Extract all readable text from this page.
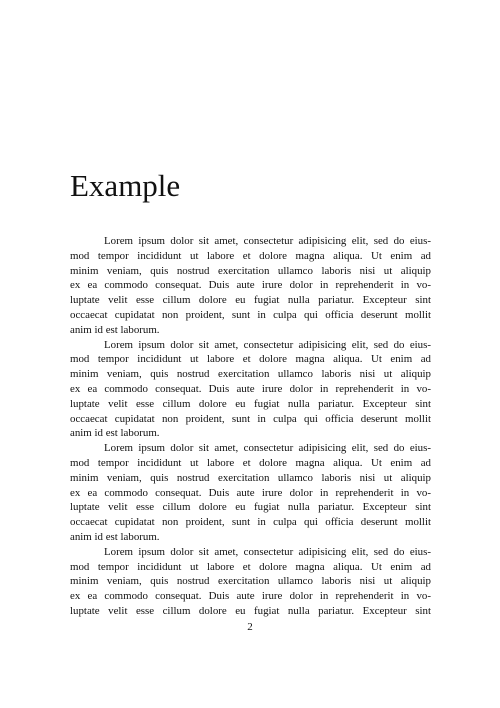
Example
Lorem ipsum dolor sit amet, consectetur adipisicing elit, sed do eius-
mod tempor incididunt ut labore et dolore magna aliqua. Ut enim ad
minim veniam, quis nostrud exercitation ullamco laboris nisi ut aliquip
ex ea commodo consequat. Duis aute irure dolor in reprehenderit in vo-
luptate velit esse cillum dolore eu fugiat nulla pariatur. Excepteur sint
occaecat cupidatat non proident, sunt in culpa qui officia deserunt mollit
anim id est laborum.
Lorem ipsum dolor sit amet, consectetur adipisicing elit, sed do eius-
mod tempor incididunt ut labore et dolore magna aliqua. Ut enim ad
minim veniam, quis nostrud exercitation ullamco laboris nisi ut aliquip
ex ea commodo consequat. Duis aute irure dolor in reprehenderit in vo-
luptate velit esse cillum dolore eu fugiat nulla pariatur. Excepteur sint
occaecat cupidatat non proident, sunt in culpa qui officia deserunt mollit
anim id est laborum.
Lorem ipsum dolor sit amet, consectetur adipisicing elit, sed do eius-
mod tempor incididunt ut labore et dolore magna aliqua. Ut enim ad
minim veniam, quis nostrud exercitation ullamco laboris nisi ut aliquip
ex ea commodo consequat. Duis aute irure dolor in reprehenderit in vo-
luptate velit esse cillum dolore eu fugiat nulla pariatur. Excepteur sint
occaecat cupidatat non proident, sunt in culpa qui officia deserunt mollit
anim id est laborum.
Lorem ipsum dolor sit amet, consectetur adipisicing elit, sed do eius-
mod tempor incididunt ut labore et dolore magna aliqua. Ut enim ad
minim veniam, quis nostrud exercitation ullamco laboris nisi ut aliquip
ex ea commodo consequat. Duis aute irure dolor in reprehenderit in vo-
luptate velit esse cillum dolore eu fugiat nulla pariatur. Excepteur sint
2
